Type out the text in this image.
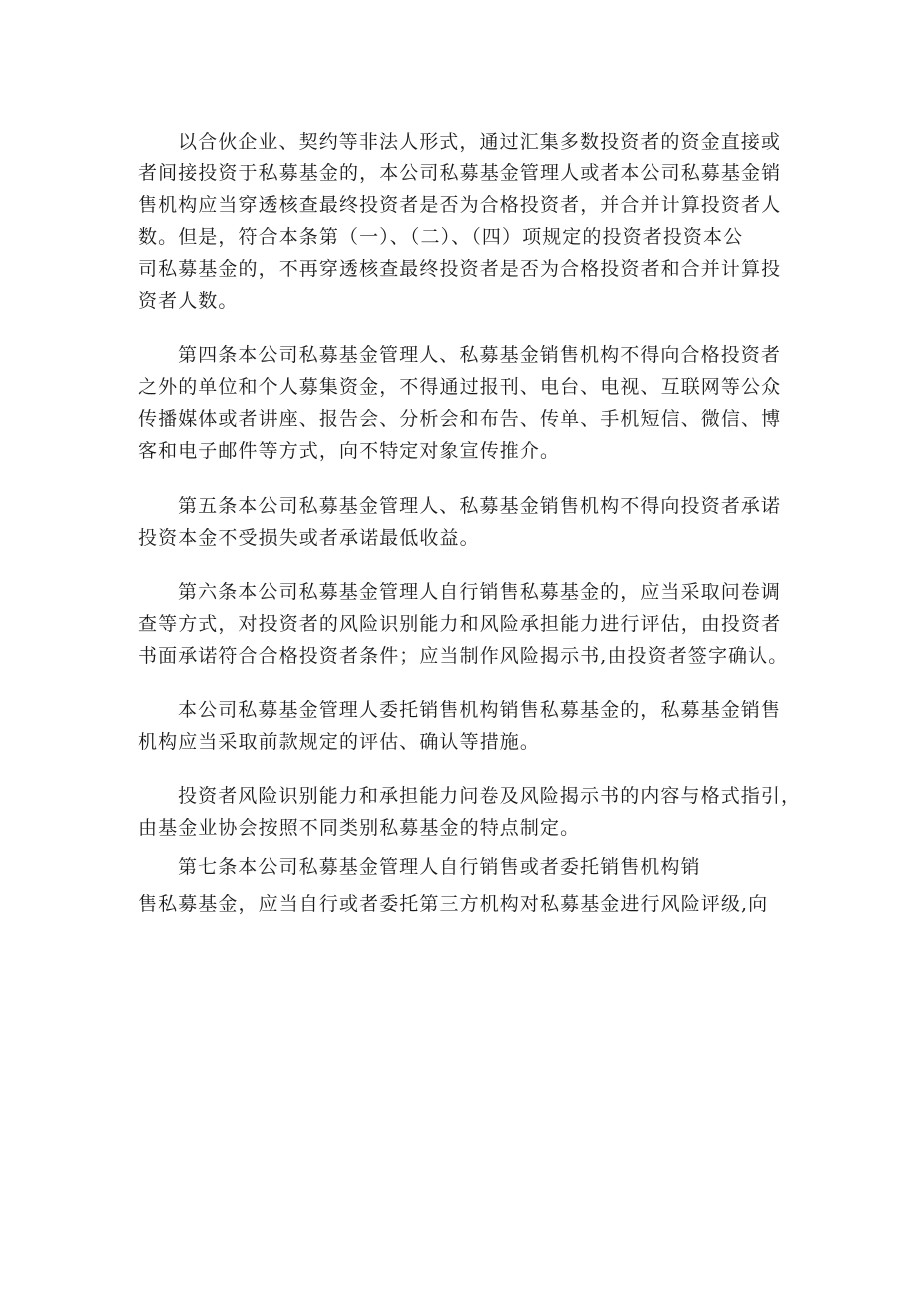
以合伙企业、契约等非法人形式，通过汇集多数投资者的资金直接或

者间接投资于私募基金的，本公司私募基金管理人或者本公司私募基金销

售机构应当穿透核查最终投资者是否为合格投资者，并合并计算投资者人

数。但是，符合本条第（一）、（二）、（四）项规定的投资者投资本公

司私募基金的，不再穿透核查最终投资者是否为合格投资者和合并计算投

资者人数。

第四条本公司私募基金管理人、私募基金销售机构不得向合格投资者

之外的单位和个人募集资金，不得通过报刊、电台、电视、互联网等公众

传播媒体或者讲座、报告会、分析会和布告、传单、手机短信、微信、博

客和电子邮件等方式，向不特定对象宣传推介。

第五条本公司私募基金管理人、私募基金销售机构不得向投资者承诺

投资本金不受损失或者承诺最低收益。

第六条本公司私募基金管理人自行销售私募基金的，应当采取问卷调

查等方式，对投资者的风险识别能力和风险承担能力进行评估，由投资者

书面承诺符合合格投资者条件；应当制作风险揭示书,由投资者签字确认。

本公司私募基金管理人委托销售机构销售私募基金的，私募基金销售

机构应当采取前款规定的评估、确认等措施。

投资者风险识别能力和承担能力问卷及风险揭示书的内容与格式指引，

由基金业协会按照不同类别私募基金的特点制定。

第七条本公司私募基金管理人自行销售或者委托销售机构销

售私募基金，应当自行或者委托第三方机构对私募基金进行风险评级,向
